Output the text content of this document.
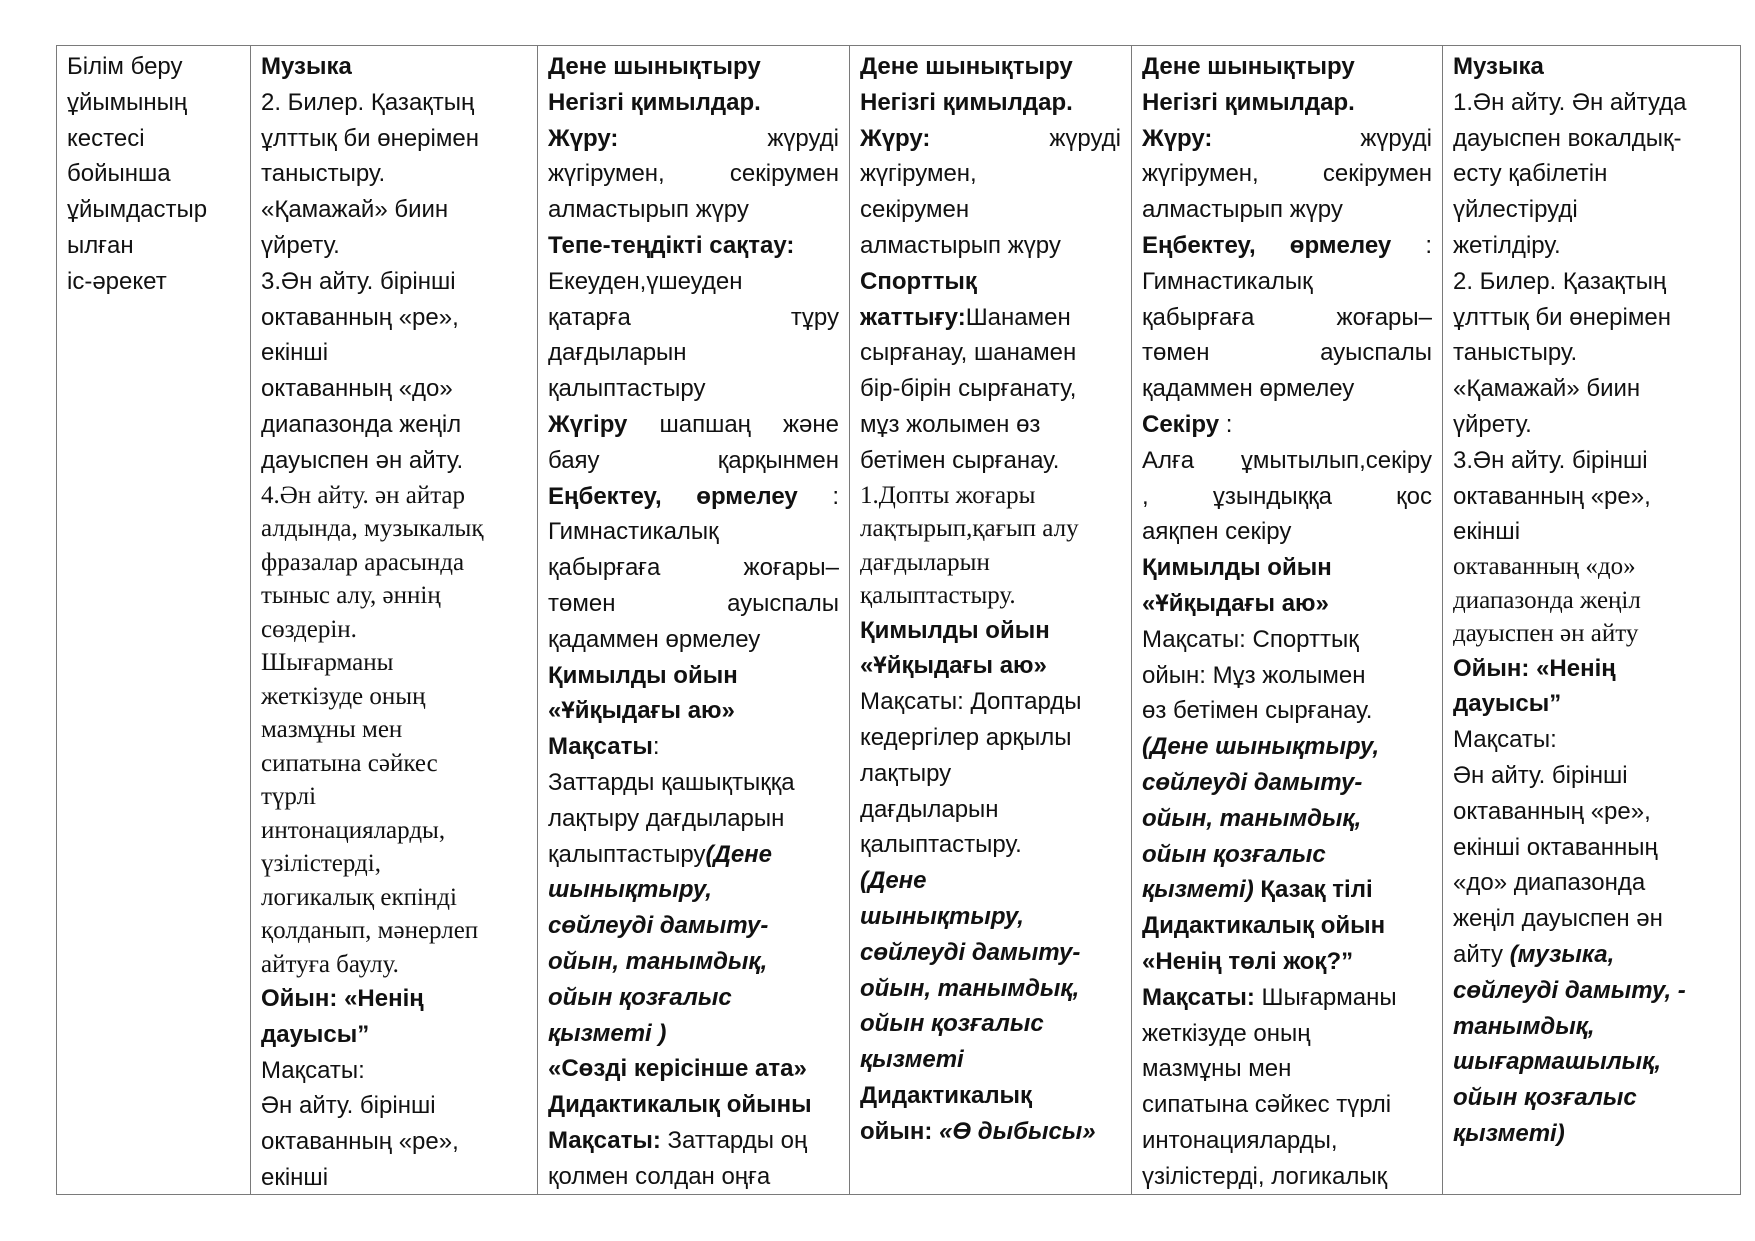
Білім беру
ұйымының
кестесі
бойынша
ұйымдастыр
ылған
іс-әрекет

Музыка
2. Билер. Қазақтың
ұлттық би өнерімен
таныстыру.
«Қамажай» биин
үйрету.
3.Ән айту. бірінші
октаванның «ре»,
екінші
октаванның «до»
диапазонда жеңіл
дауыспен ән айту.
4.Ән айту. ән айтар
алдында, музыкалық
фразалар арасында
тыныс алу, әннің
сөздерін.
Шығарманы
жеткізуде оның
мазмұны мен
сипатына сәйкес
түрлі
интонацияларды,
үзілістерді,
логикалық екпінді
қолданып, мәнерлеп
айтуға баулу.
Ойын: «Ненің
дауысы”
Мақсаты:
Ән айту. бірінші
октаванның «ре»,
екінші

Дене шынықтыру
Негізгі қимылдар.
Жүру: жүруді
жүгірумен, секірумен
алмастырып жүру
Тепе-теңдікті сақтау:
Екеуден,үшеуден
қатарға тұру
дағдыларын
қалыптастыру
Жүгіру шапшаң және
баяу қарқынмен
Еңбектеу, өрмелеу :
Гимнастикалық
қабырғаға жоғары–
төмен ауыспалы
қадаммен өрмелеу
Қимылды ойын
«Ұйқыдағы аю»
Мақсаты:
Заттарды қашықтыққа
лақтыру дағдыларын
қалыптастыру(Дене
шынықтыру,
сөйлеуді дамыту-
ойын, танымдық,
ойын қозғалыс
қызметі )
«Сөзді керісінше ата»
Дидактикалық ойыны
Мақсаты: Заттарды оң
қолмен солдан оңға

Дене шынықтыру
Негізгі қимылдар.
Жүру: жүруді
жүгірумен,
секірумен
алмастырып жүру
Спорттық
жаттығу:Шанамен
сырғанау, шанамен
бір-бірін сырғанату,
мұз жолымен өз
бетімен сырғанау.
1.Допты жоғары
лақтырып,қағып алу
дағдыларын
қалыптастыру.
Қимылды ойын
«Ұйқыдағы аю»
Мақсаты: Доптарды
кедергілер арқылы
лақтыру
дағдыларын
қалыптастыру.
(Дене
шынықтыру,
сөйлеуді дамыту-
ойын, танымдық,
ойын қозғалыс
қызметі
Дидактикалық
ойын: «Ө дыбысы»

Дене шынықтыру
Негізгі қимылдар.
Жүру: жүруді
жүгірумен, секірумен
алмастырып жүру
Еңбектеу, өрмелеу :
Гимнастикалық
қабырғаға жоғары–
төмен ауыспалы
қадаммен өрмелеу
Секіру :
Алға ұмытылып,секіру
, ұзындыққа қос
аяқпен секіру
Қимылды ойын
«Ұйқыдағы аю»
Мақсаты: Спорттық
ойын: Мұз жолымен
өз бетімен сырғанау.
(Дене шынықтыру,
сөйлеуді дамыту-
ойын, танымдық,
ойын қозғалыс
қызметі) Қазақ тілі
Дидактикалық ойын
«Ненің төлі жоқ?”
Мақсаты: Шығарманы
жеткізуде оның
мазмұны мен
сипатына сәйкес түрлі
интонацияларды,
үзілістерді, логикалық

Музыка
1.Ән айту. Ән айтуда
дауыспен вокалдық-
есту қабілетін
үйлестіруді
жетілдіру.
2. Билер. Қазақтың
ұлттық би өнерімен
таныстыру.
«Қамажай» биин
үйрету.
3.Ән айту. бірінші
октаванның «ре»,
екінші
октаванның «до»
диапазонда жеңіл
дауыспен ән айту
Ойын: «Ненің
дауысы”
Мақсаты:
Ән айту. бірінші
октаванның «ре»,
екінші октаванның
«до» диапазонда
жеңіл дауыспен ән
айту (музыка,
сөйлеуді дамыту, -
танымдық,
шығармашылық,
ойын қозғалыс
қызметі)
